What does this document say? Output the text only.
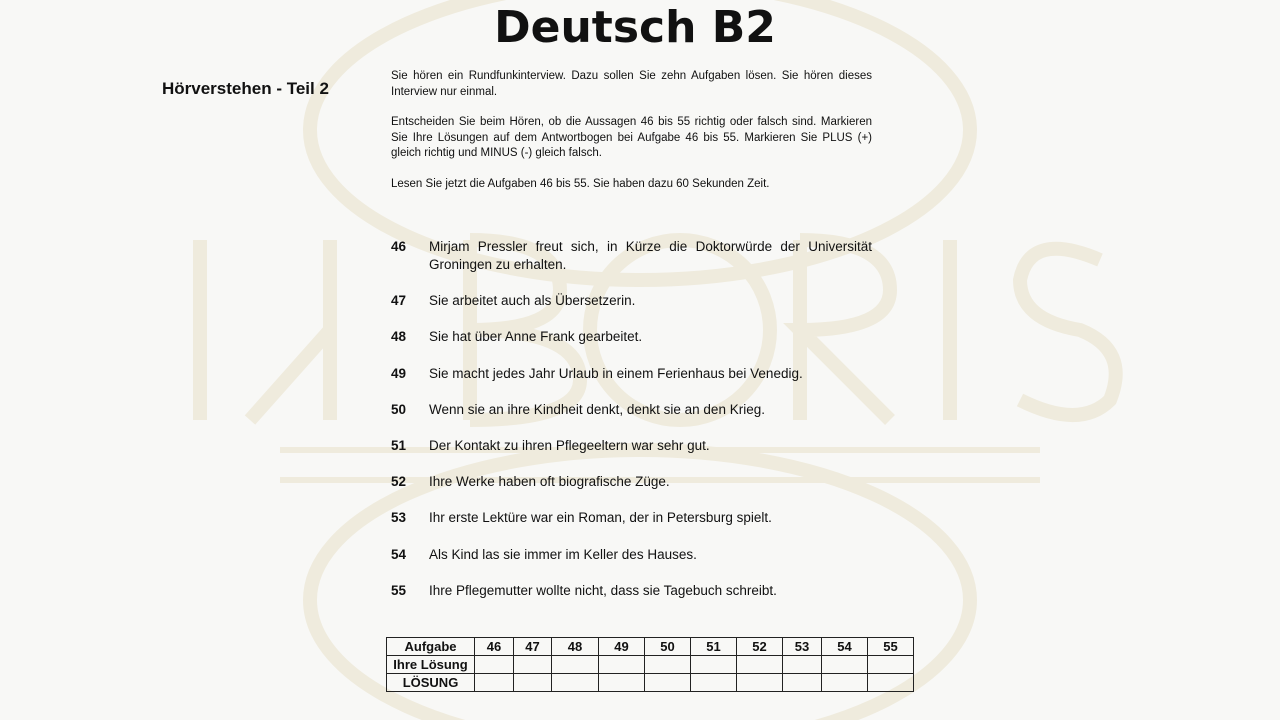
Deutsch B2
Hörverstehen - Teil 2

Sie hören ein Rundfunkinterview. Dazu sollen Sie zehn Aufgaben lösen. Sie hören dieses Interview nur einmal.

Entscheiden Sie beim Hören, ob die Aussagen 46 bis 55 richtig oder falsch sind. Markieren Sie Ihre Lösungen auf dem Antwortbogen bei Aufgabe 46 bis 55. Markieren Sie PLUS (+) gleich richtig und MINUS (-) gleich falsch.

Lesen Sie jetzt die Aufgaben 46 bis 55. Sie haben dazu 60 Sekunden Zeit.

46	Mirjam Pressler freut sich, in Kürze die Doktorwürde der Universität Groningen zu erhalten.
47	Sie arbeitet auch als Übersetzerin.
48	Sie hat über Anne Frank gearbeitet.
49	Sie macht jedes Jahr Urlaub in einem Ferienhaus bei Venedig.
50	Wenn sie an ihre Kindheit denkt, denkt sie an den Krieg.
51	Der Kontakt zu ihren Pflegeeltern war sehr gut.
52	Ihre Werke haben oft biografische Züge.
53	Ihr erste Lektüre war ein Roman, der in Petersburg spielt.
54	Als Kind las sie immer im Keller des Hauses.
55	Ihre Pflegemutter wollte nicht, dass sie Tagebuch schreibt.
Aufgabe	46	47	48	49	50	51	52	53	54	55
Ihre Lösung										
LÖSUNG										
